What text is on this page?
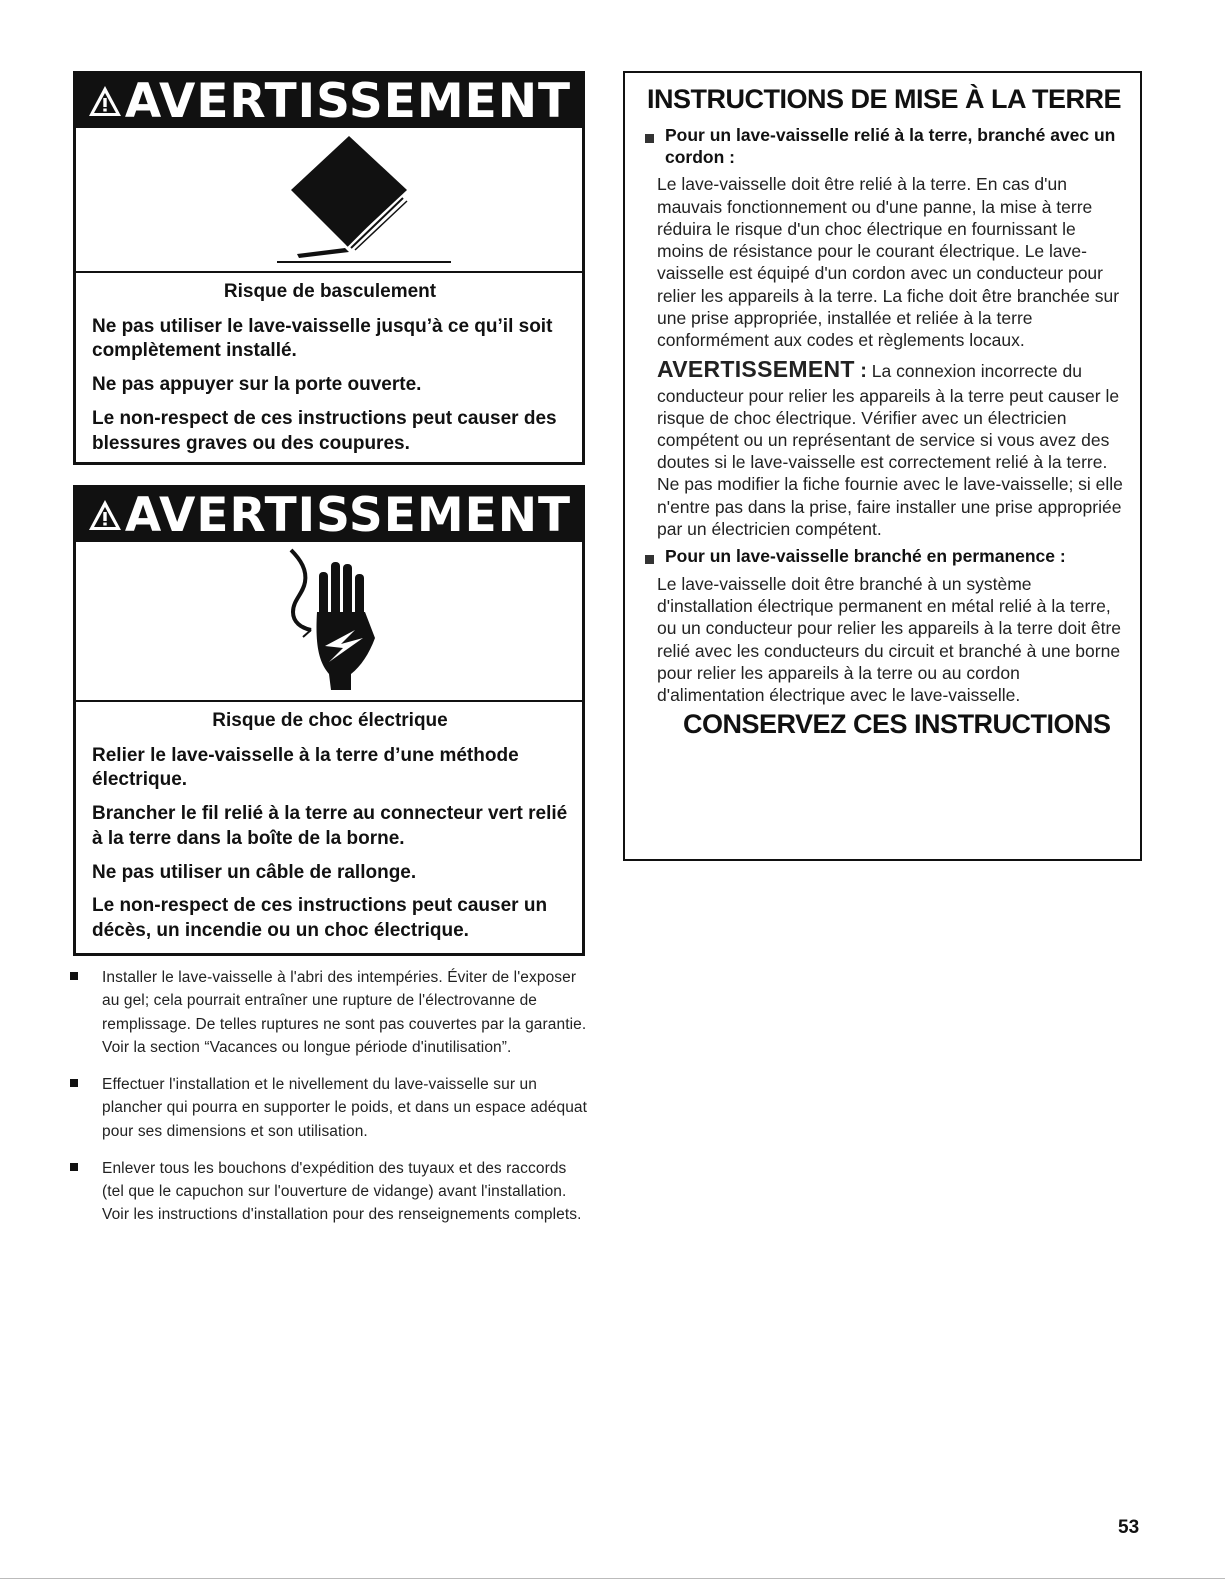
AVERTISSEMENT
Risque de basculement

Ne pas utiliser le lave-vaisselle jusqu’à ce qu’il soit complètement installé.

Ne pas appuyer sur la porte ouverte.

Le non-respect de ces instructions peut causer des blessures graves ou des coupures.

AVERTISSEMENT
Risque de choc électrique

Relier le lave-vaisselle à la terre d’une méthode électrique.

Brancher le fil relié à la terre au connecteur vert relié à la terre dans la boîte de la borne.

Ne pas utiliser un câble de rallonge.

Le non-respect de ces instructions peut causer un décès, un incendie ou un choc électrique.

INSTRUCTIONS DE MISE À LA TERRE
Pour un lave-vaisselle relié à la terre, branché avec un cordon :
Le lave-vaisselle doit être relié à la terre. En cas d'un mauvais fonctionnement ou d'une panne, la mise à terre réduira le risque d'un choc électrique en fournissant le moins de résistance pour le courant électrique. Le lave-vaisselle est équipé d'un cordon avec un conducteur pour relier les appareils à la terre. La fiche doit être branchée sur une prise appropriée, installée et reliée à la terre conformément aux codes et règlements locaux.
AVERTISSEMENT : La connexion incorrecte du conducteur pour relier les appareils à la terre peut causer le risque de choc électrique. Vérifier avec un électricien compétent ou un représentant de service si vous avez des doutes si le lave-vaisselle est correctement relié à la terre. Ne pas modifier la fiche fournie avec le lave-vaisselle; si elle n'entre pas dans la prise, faire installer une prise appropriée par un électricien compétent.
Pour un lave-vaisselle branché en permanence :
Le lave-vaisselle doit être branché à un système d'installation électrique permanent en métal relié à la terre, ou un conducteur pour relier les appareils à la terre doit être relié avec les conducteurs du circuit et branché à une borne pour relier les appareils à la terre ou au cordon d'alimentation électrique avec le lave-vaisselle.
CONSERVEZ CES INSTRUCTIONS
Installer le lave-vaisselle à l'abri des intempéries. Éviter de l'exposer au gel; cela pourrait entraîner une rupture de l'électrovanne de remplissage. De telles ruptures ne sont pas couvertes par la garantie. Voir la section “Vacances ou longue période d'inutilisation”.
Effectuer l'installation et le nivellement du lave-vaisselle sur un plancher qui pourra en supporter le poids, et dans un espace adéquat pour ses dimensions et son utilisation.
Enlever tous les bouchons d'expédition des tuyaux et des raccords (tel que le capuchon sur l'ouverture de vidange) avant l'installation. Voir les instructions d'installation pour des renseignements complets.
53
